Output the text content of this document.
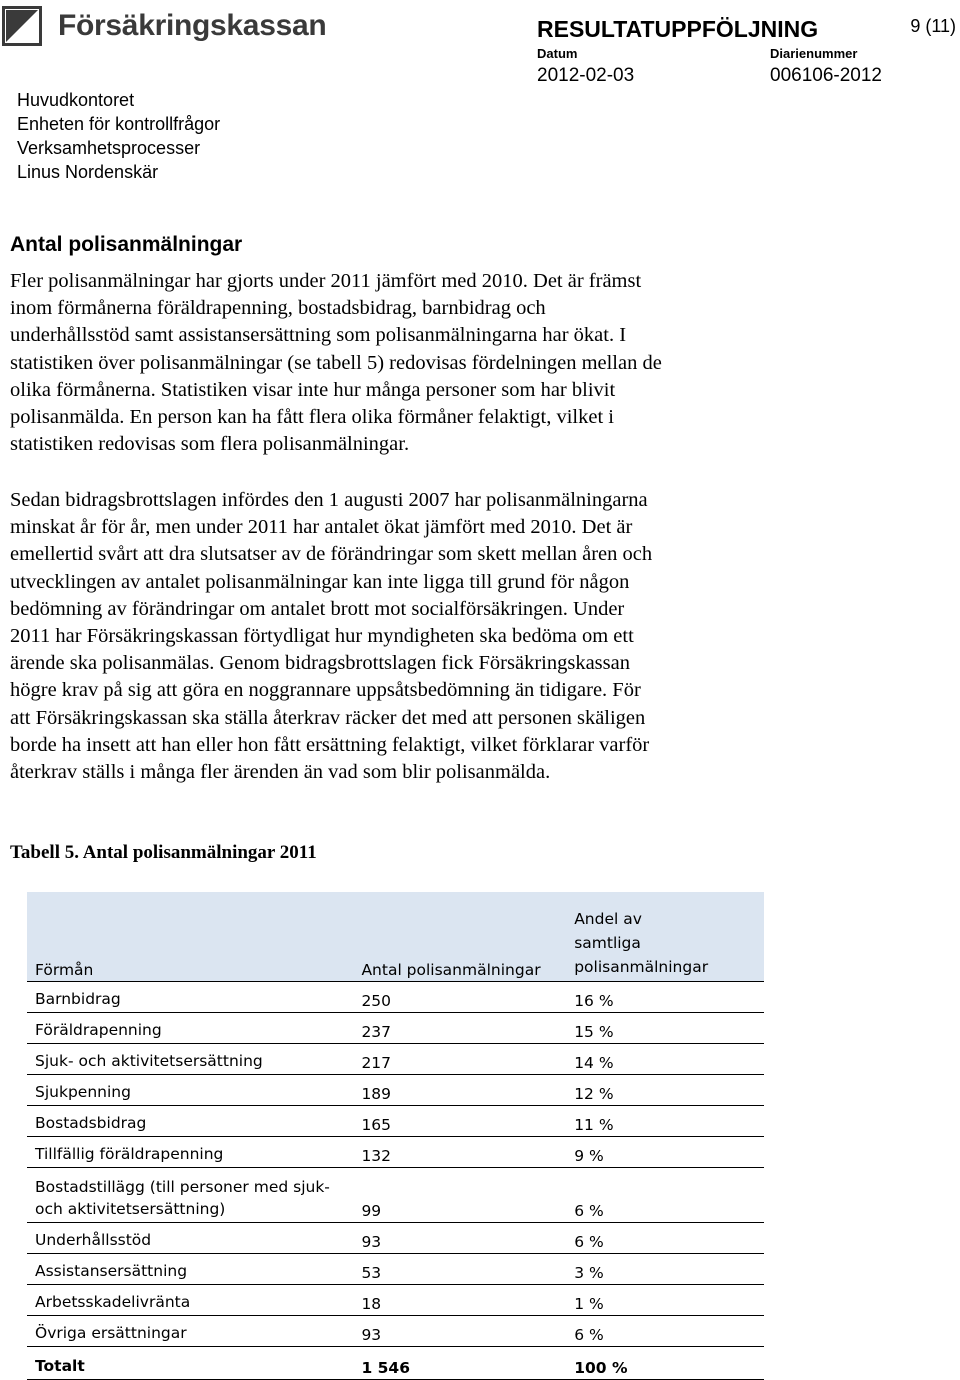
Försäkringskassan	RESULTATUPPFÖLJNING	9 (11)
Datum
2012-02-03
Diarienummer
006106-2012
Huvudkontoret
Enheten för kontrollfrågor
Verksamhetsprocesser
Linus Nordenskär
Antal polisanmälningar
Fler polisanmälningar har gjorts under 2011 jämfört med 2010. Det är främst
inom förmånerna föräldrapenning, bostadsbidrag, barnbidrag och
underhållsstöd samt assistansersättning som polisanmälningarna har ökat. I
statistiken över polisanmälningar (se tabell 5) redovisas fördelningen mellan de
olika förmånerna. Statistiken visar inte hur många personer som har blivit
polisanmälda. En person kan ha fått flera olika förmåner felaktigt, vilket i
statistiken redovisas som flera polisanmälningar.
Sedan bidragsbrottslagen infördes den 1 augusti 2007 har polisanmälningarna
minskat år för år, men under 2011 har antalet ökat jämfört med 2010. Det är
emellertid svårt att dra slutsatser av de förändringar som skett mellan åren och
utvecklingen av antalet polisanmälningar kan inte ligga till grund för någon
bedömning av förändringar om antalet brott mot socialförsäkringen. Under
2011 har Försäkringskassan förtydligat hur myndigheten ska bedöma om ett
ärende ska polisanmälas. Genom bidragsbrottslagen fick Försäkringskassan
högre krav på sig att göra en noggrannare uppsåtsbedömning än tidigare. För
att Försäkringskassan ska ställa återkrav räcker det med att personen skäligen
borde ha insett att han eller hon fått ersättning felaktigt, vilket förklarar varför
återkrav ställs i många fler ärenden än vad som blir polisanmälda.
Tabell 5. Antal polisanmälningar 2011
Förmån	Antal polisanmälningar	Andel av
samtliga
polisanmälningar

Barnbidrag	250	16 %
Föräldrapenning	237	15 %
Sjuk- och aktivitetsersättning	217	14 %
Sjukpenning	189	12 %
Bostadsbidrag	165	11 %
Tillfällig föräldrapenning	132	9 %

Bostadstillägg (till personer med sjuk-
och aktivitetsersättning)	99	6 %
Underhållsstöd	93	6 %
Assistansersättning	53	3 %
Arbetsskadelivränta	18	1 %
Övriga ersättningar	93	6 %
Totalt	1 546	100 %
